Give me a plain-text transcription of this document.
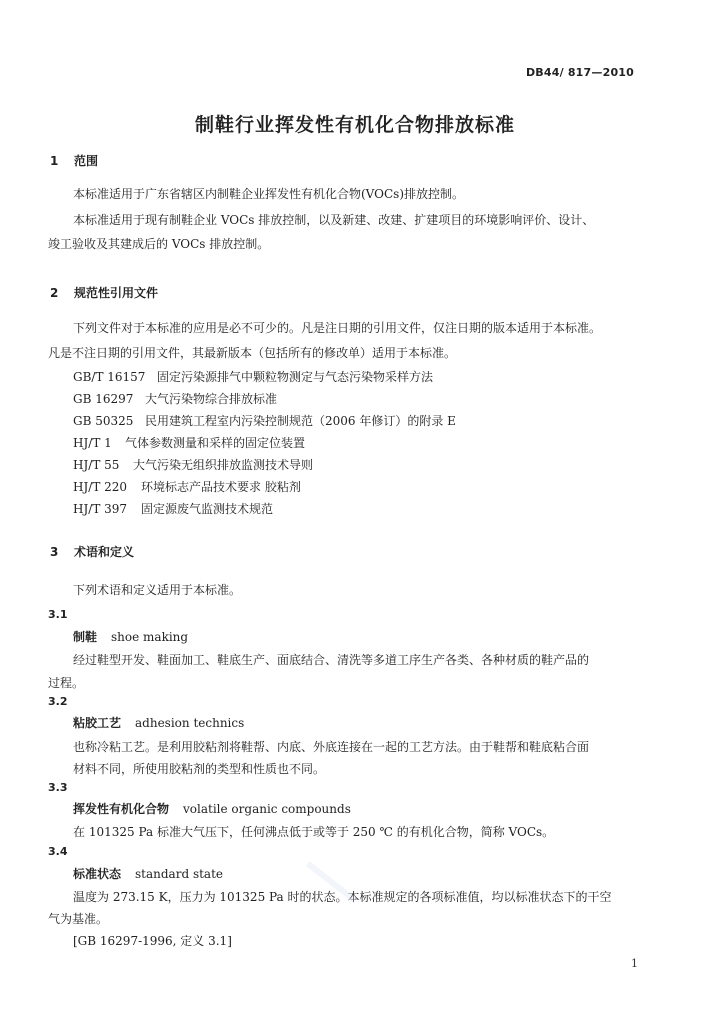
DB44/ 817—2010
制鞋行业挥发性有机化合物排放标准
1 范围
本标准适用于广东省辖区内制鞋企业挥发性有机化合物(VOCs)排放控制。
本标准适用于现有制鞋企业 VOCs 排放控制，以及新建、改建、扩建项目的环境影响评价、设计、
竣工验收及其建成后的 VOCs 排放控制。
2 规范性引用文件
下列文件对于本标准的应用是必不可少的。凡是注日期的引用文件，仅注日期的版本适用于本标准。
凡是不注日期的引用文件，其最新版本（包括所有的修改单）适用于本标准。
GB/T 16157 固定污染源排气中颗粒物测定与气态污染物采样方法
GB 16297 大气污染物综合排放标准
GB 50325 民用建筑工程室内污染控制规范（2006 年修订）的附录 E
HJ/T 1 气体参数测量和采样的固定位装置
HJ/T 55 大气污染无组织排放监测技术导则
HJ/T 220 环境标志产品技术要求 胶粘剂
HJ/T 397 固定源废气监测技术规范
3 术语和定义
下列术语和定义适用于本标准。
3.1
制鞋 shoe making
经过鞋型开发、鞋面加工、鞋底生产、面底结合、清洗等多道工序生产各类、各种材质的鞋产品的
过程。
3.2
粘胶工艺 adhesion technics
也称冷粘工艺。是利用胶粘剂将鞋帮、内底、外底连接在一起的工艺方法。由于鞋帮和鞋底粘合面
材料不同，所使用胶粘剂的类型和性质也不同。
3.3
挥发性有机化合物 volatile organic compounds
在 101325 Pa 标准大气压下，任何沸点低于或等于 250 ℃ 的有机化合物，简称 VOCs。
3.4
标准状态 standard state
温度为 273.15 K，压力为 101325 Pa 时的状态。本标准规定的各项标准值，均以标准状态下的干空
气为基准。
[GB 16297-1996, 定义 3.1]
1
